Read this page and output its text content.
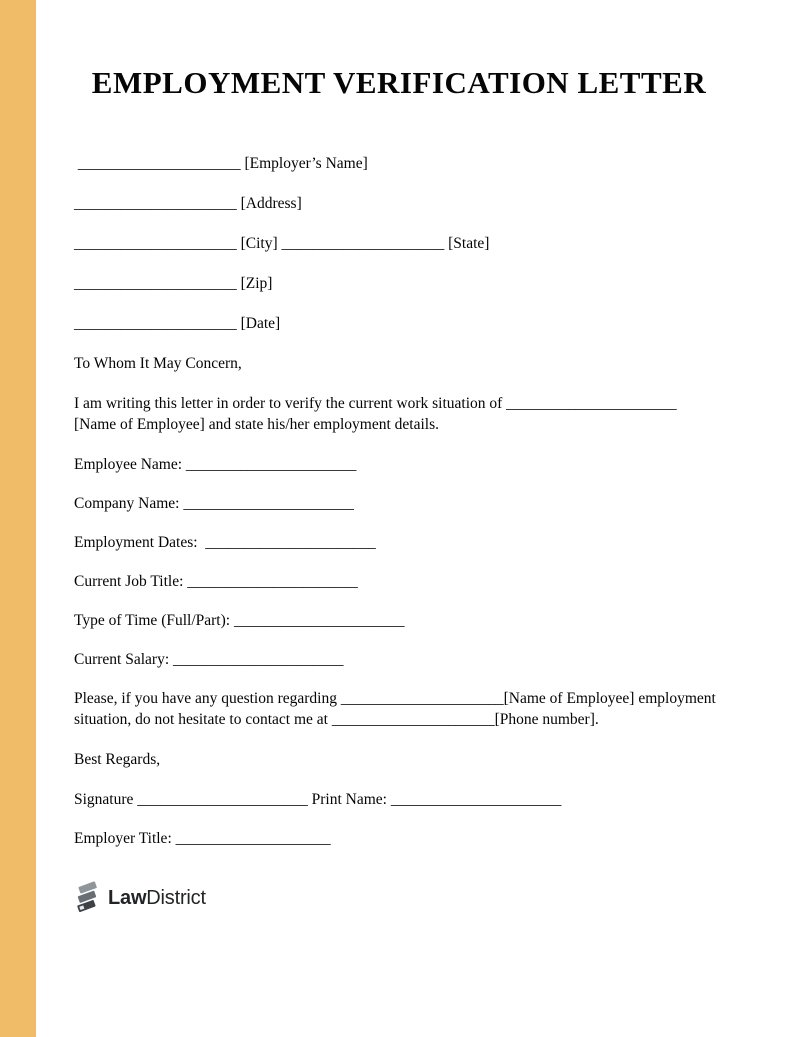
EMPLOYMENT VERIFICATION LETTER

_____________________ [Employer’s Name]

_____________________ [Address]

_____________________ [City] _____________________ [State]

_____________________ [Zip]

_____________________ [Date]

To Whom It May Concern,

I am writing this letter in order to verify the current work situation of ______________________

[Name of Employee] and state his/her employment details.

Employee Name: ______________________

Company Name: ______________________

Employment Dates:  ______________________

Current Job Title: ______________________

Type of Time (Full/Part): ______________________

Current Salary: ______________________

Please, if you have any question regarding _____________________[Name of Employee] employment

situation, do not hesitate to contact me at _____________________[Phone number].

Best Regards,

Signature ______________________ Print Name: ______________________

Employer Title: ____________________

LawDistrict
